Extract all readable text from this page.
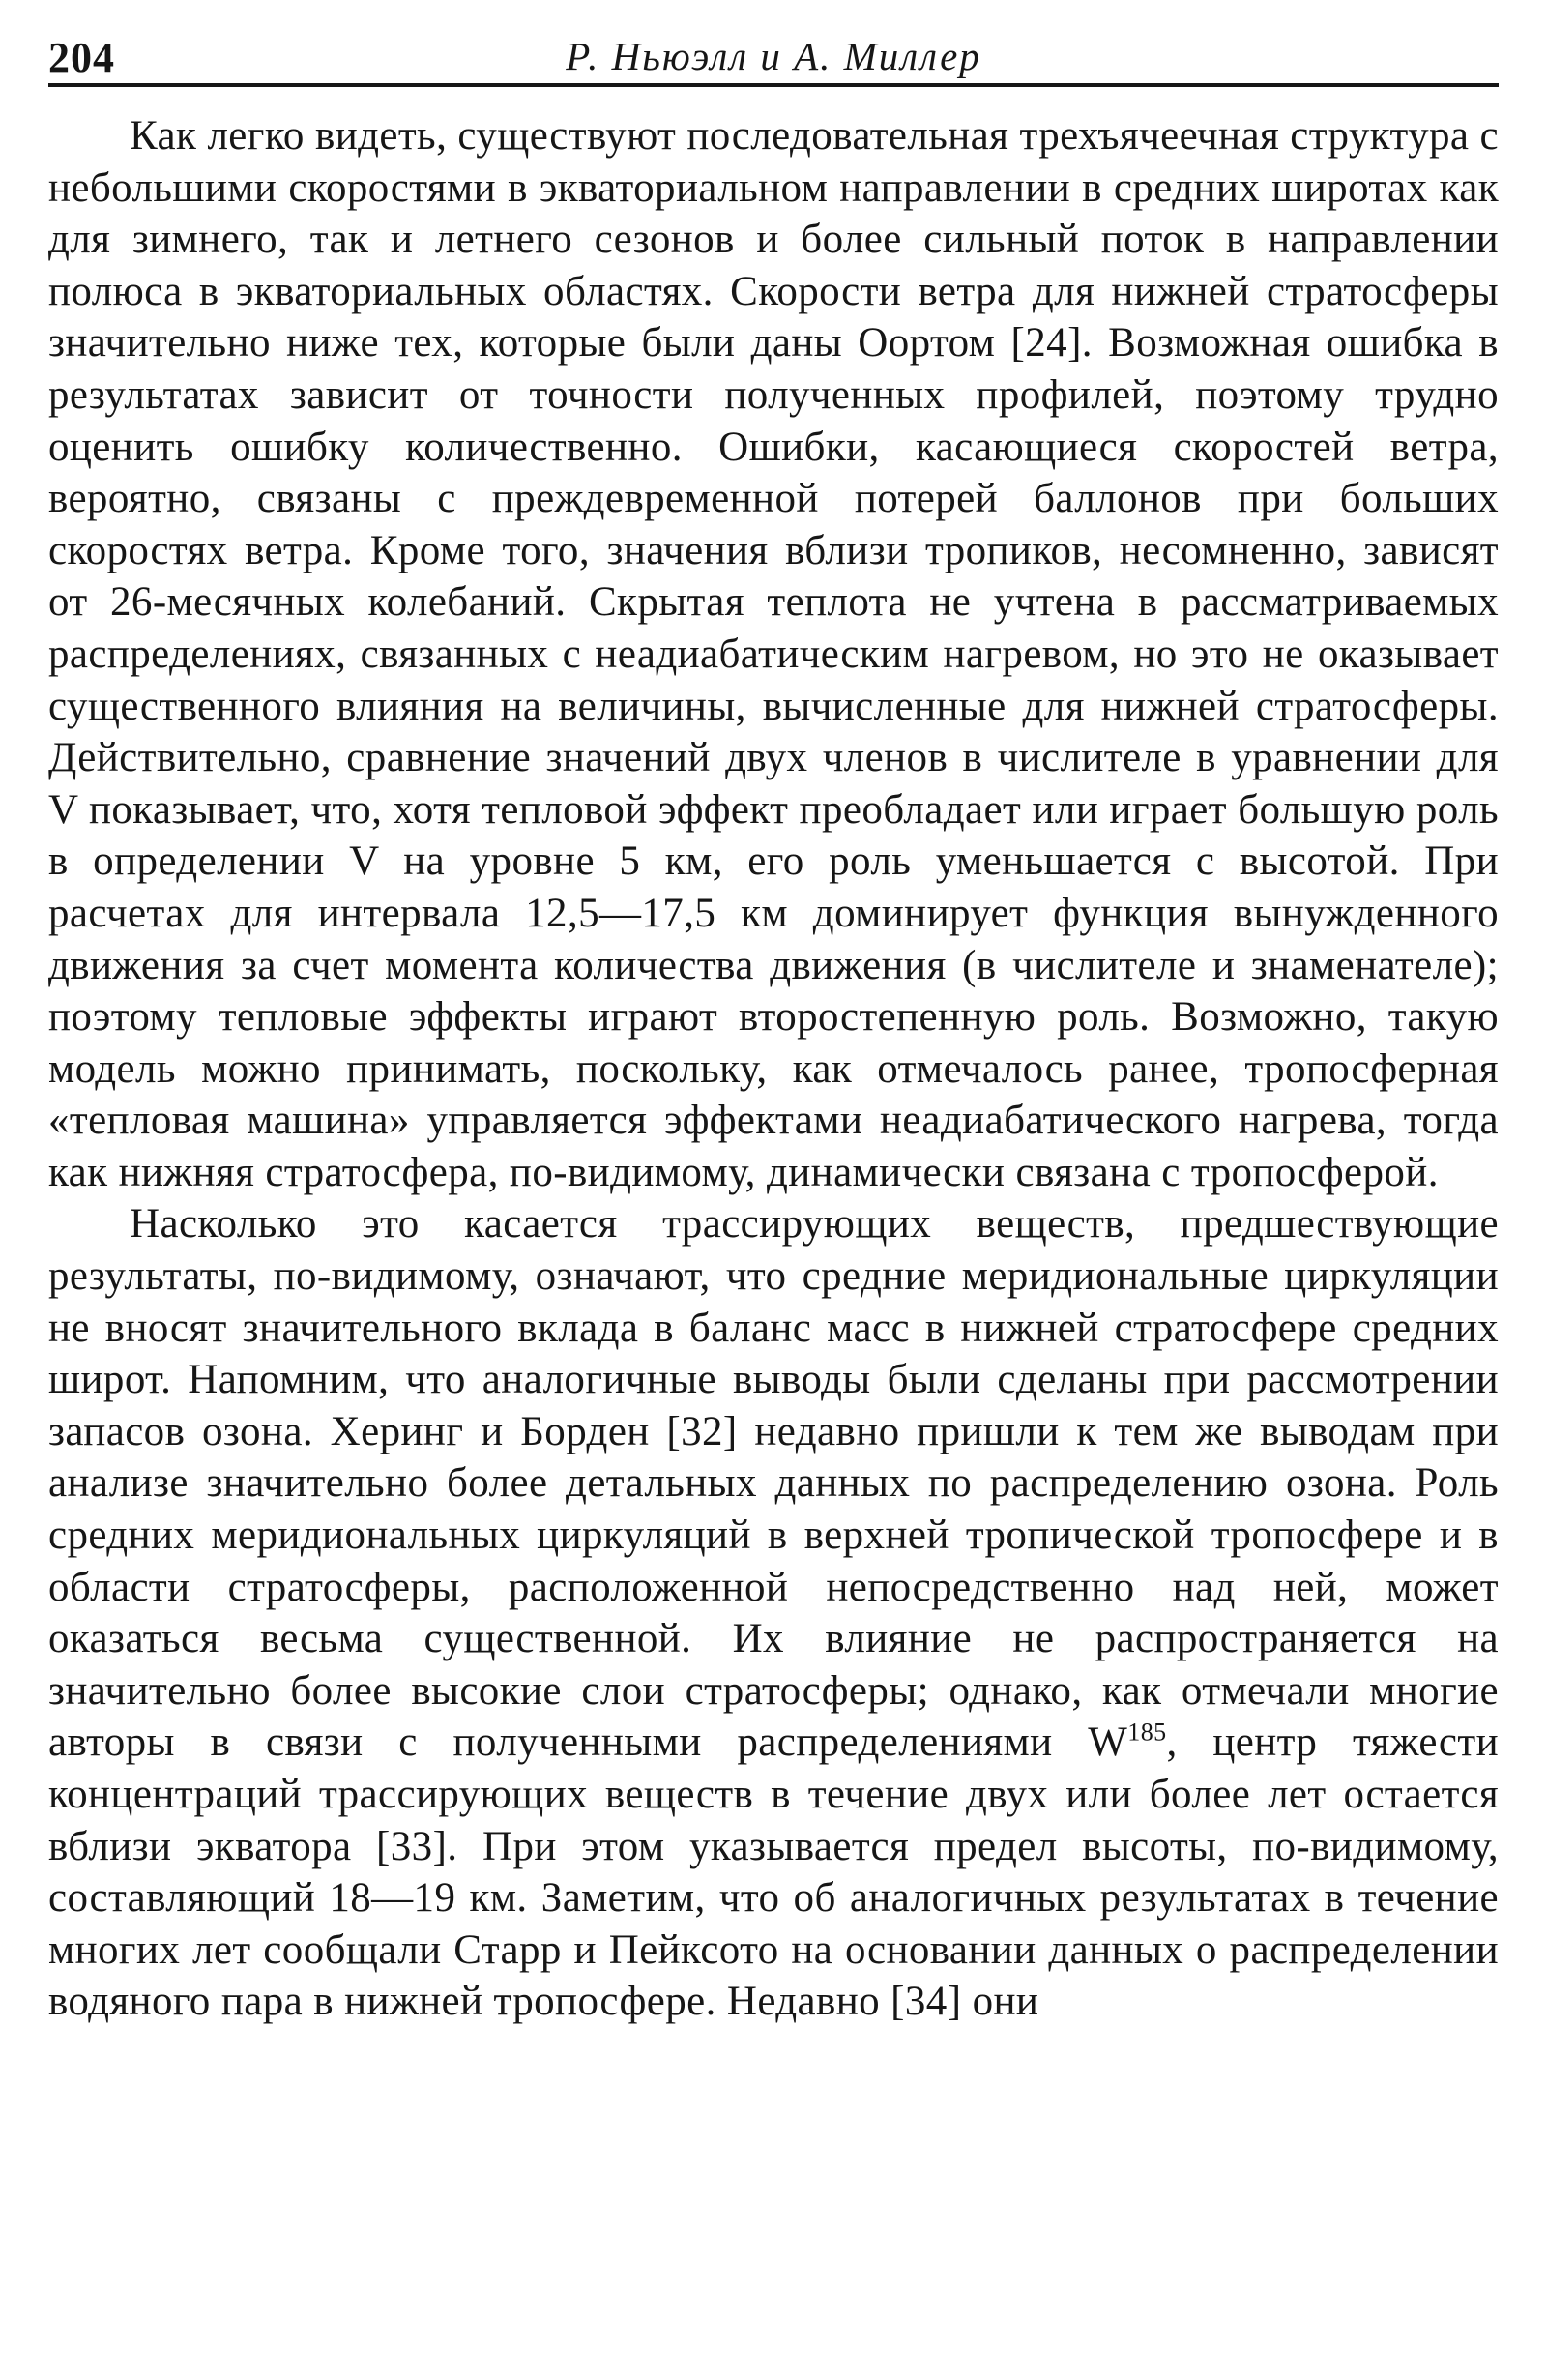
204	Р. Ньюэлл и А. Миллер

Как легко видеть, существуют последовательная трехъячеечная структура с небольшими скоростями в экваториальном направлении в средних широтах как для зимнего, так и летнего сезонов и более сильный поток в направлении полюса в экваториальных областях. Скорости ветра для нижней стратосферы значительно ниже тех, которые были даны Оортом [24]. Возможная ошибка в результатах зависит от точности полученных профилей, поэтому трудно оценить ошибку количественно. Ошибки, касающиеся скоростей ветра, вероятно, связаны с преждевременной потерей баллонов при больших скоростях ветра. Кроме того, значения вблизи тропиков, несомненно, зависят от 26-месячных колебаний. Скрытая теплота не учтена в рассматриваемых распределениях, связанных с неадиабатическим нагревом, но это не оказывает существенного влияния на величины, вычисленные для нижней стратосферы. Действительно, сравнение значений двух членов в числителе в уравнении для V показывает, что, хотя тепловой эффект преобладает или играет большую роль в определении V на уровне 5 км, его роль уменьшается с высотой. При расчетах для интервала 12,5—17,5 км доминирует функция вынужденного движения за счет момента количества движения (в числителе и знаменателе); поэтому тепловые эффекты играют второстепенную роль. Возможно, такую модель можно принимать, поскольку, как отмечалось ранее, тропосферная «тепловая машина» управляется эффектами неадиабатического нагрева, тогда как нижняя стратосфера, по-видимому, динамически связана с тропосферой.

Насколько это касается трассирующих веществ, предшествующие результаты, по-видимому, означают, что средние меридиональные циркуляции не вносят значительного вклада в баланс масс в нижней стратосфере средних широт. Напомним, что аналогичные выводы были сделаны при рассмотрении запасов озона. Херинг и Борден [32] недавно пришли к тем же выводам при анализе значительно более детальных данных по распределению озона. Роль средних меридиональных циркуляций в верхней тропической тропосфере и в области стратосферы, расположенной непосредственно над ней, может оказаться весьма существенной. Их влияние не распространяется на значительно более высокие слои стратосферы; однако, как отмечали многие авторы в связи с полученными распределениями $W^{185}$, центр тяжести концентраций трассирующих веществ в течение двух или более лет остается вблизи экватора [33]. При этом указывается предел высоты, по-видимому, составляющий 18—19 км. Заметим, что об аналогичных результатах в течение многих лет сообщали Старр и Пейксото на основании данных о распределении водяного пара в нижней тропосфере. Недавно [34] они
